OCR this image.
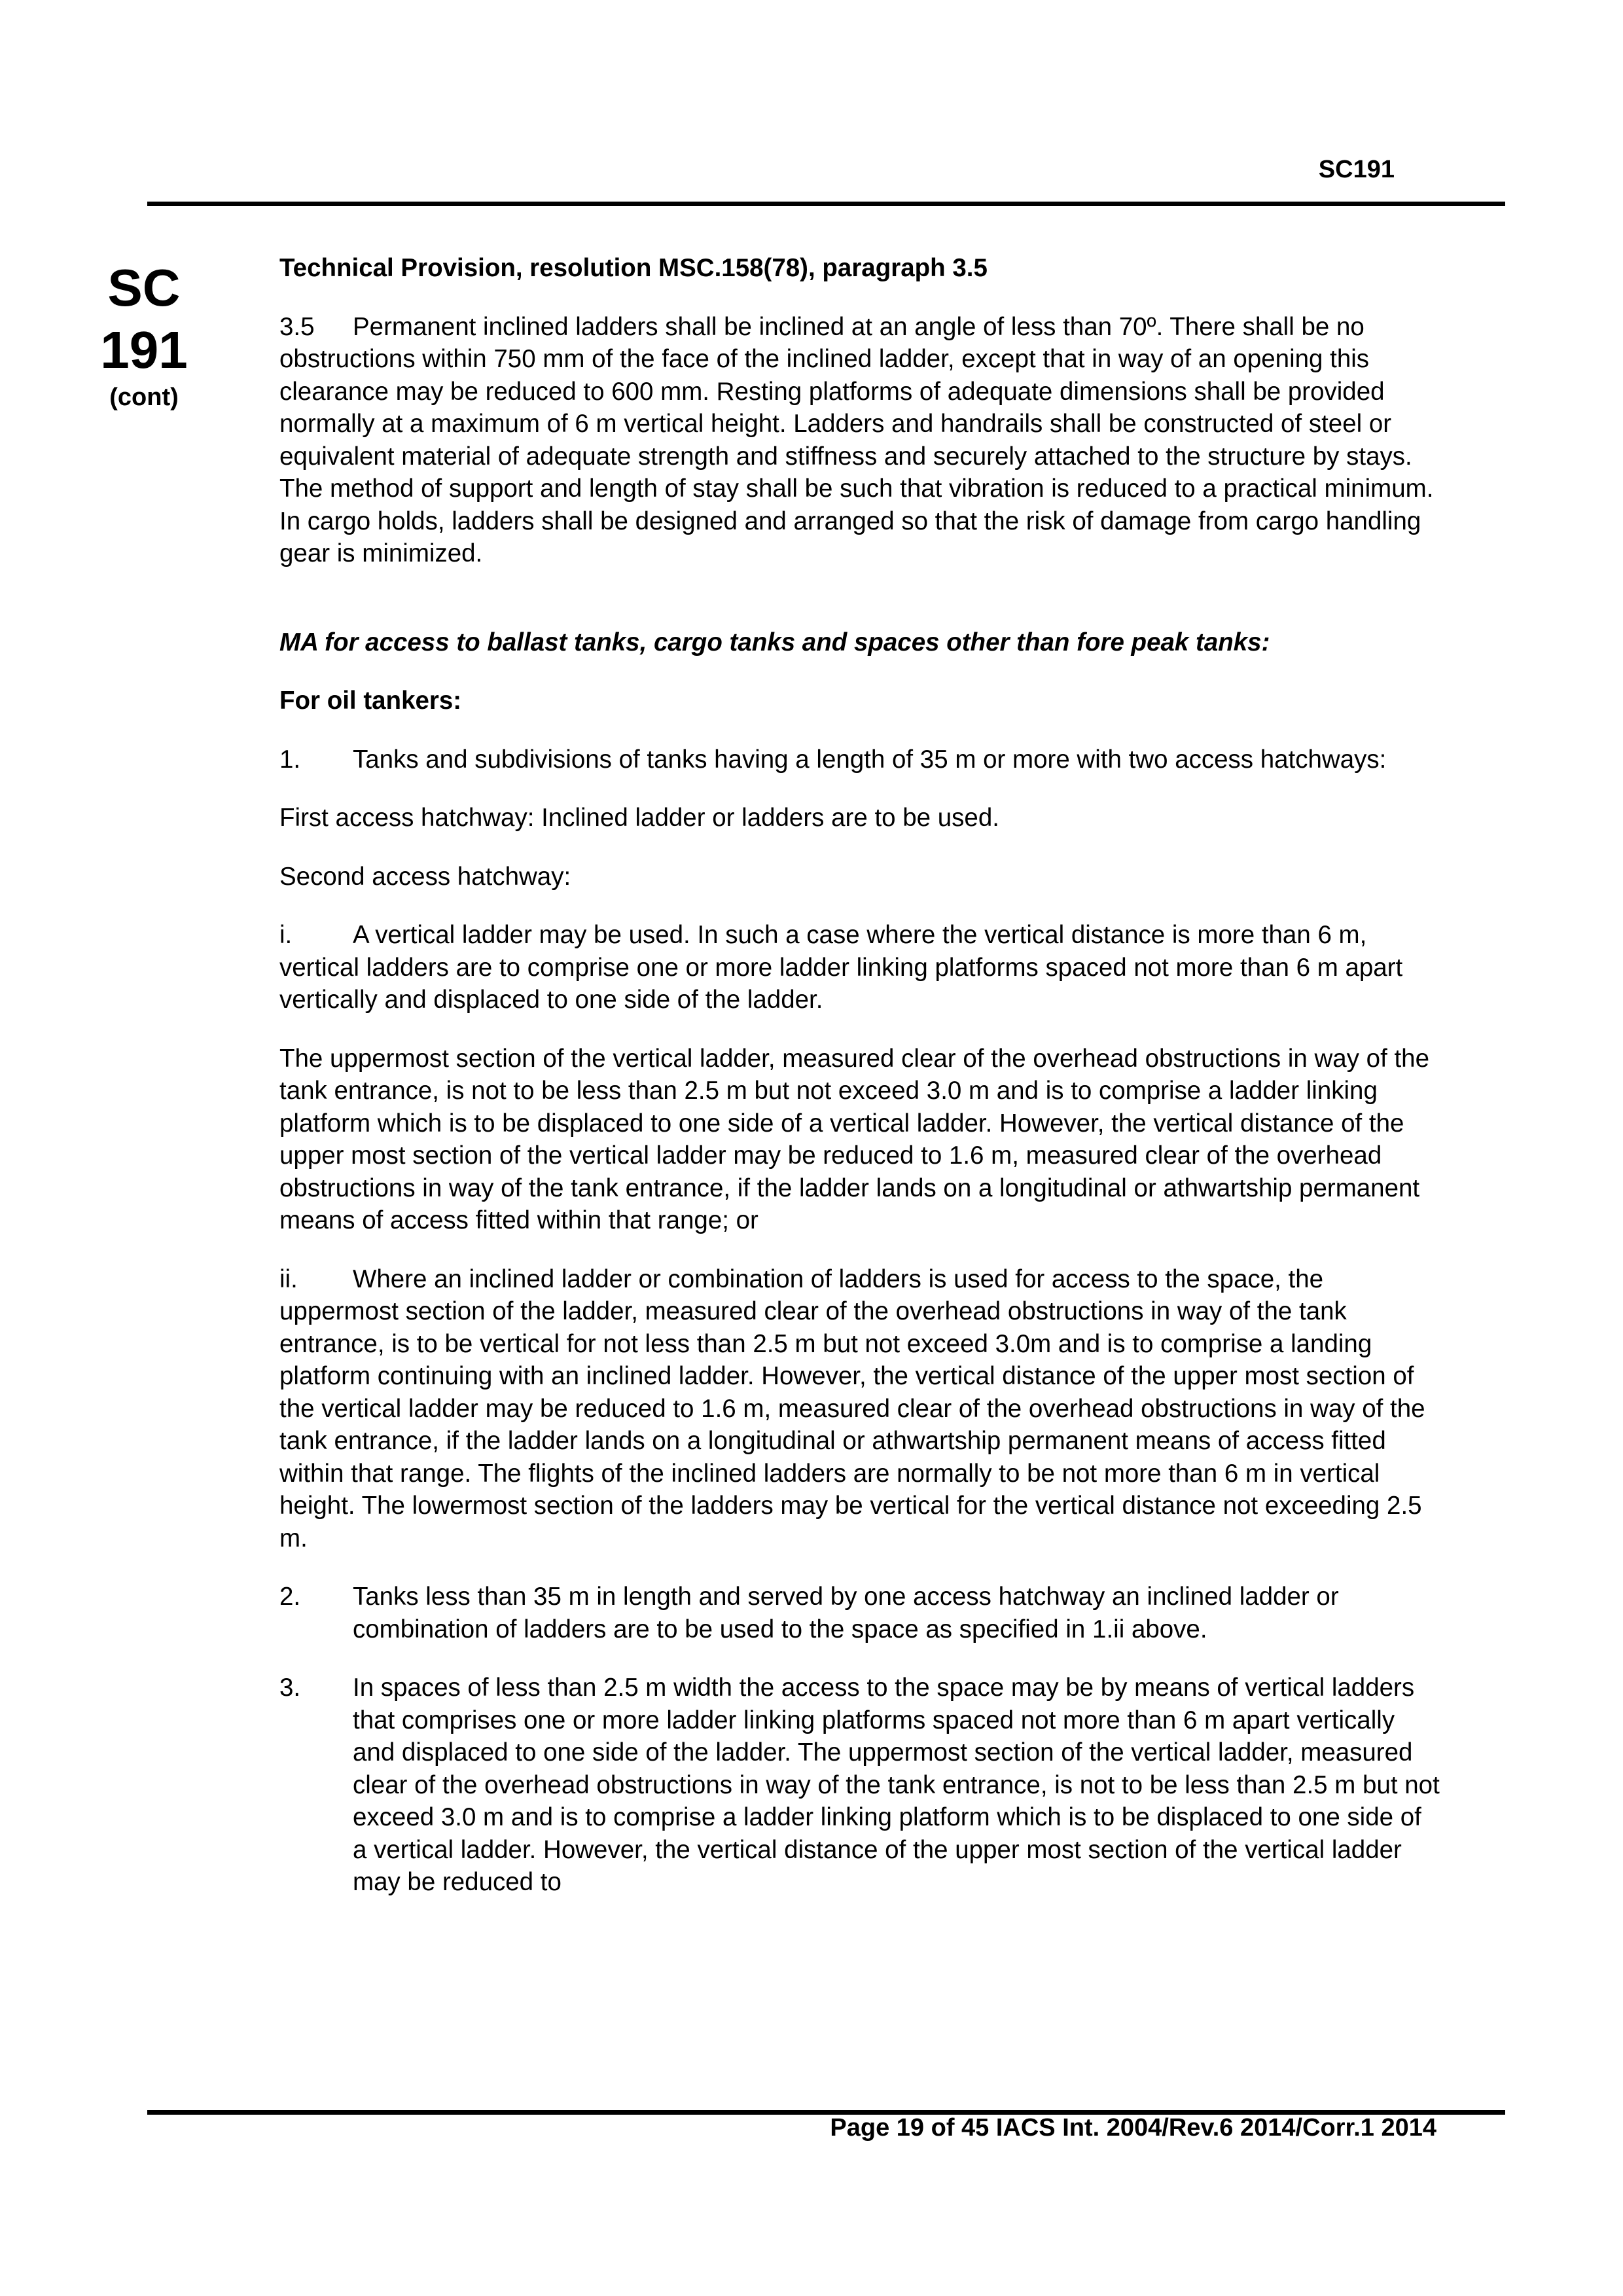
SC191

SC
191
(cont)

Technical Provision, resolution MSC.158(78), paragraph 3.5

3.5 Permanent inclined ladders shall be inclined at an angle of less than 70º. There shall be no obstructions within 750 mm of the face of the inclined ladder, except that in way of an opening this clearance may be reduced to 600 mm. Resting platforms of adequate dimensions shall be provided normally at a maximum of 6 m vertical height. Ladders and handrails shall be constructed of steel or equivalent material of adequate strength and stiffness and securely attached to the structure by stays. The method of support and length of stay shall be such that vibration is reduced to a practical minimum. In cargo holds, ladders shall be designed and arranged so that the risk of damage from cargo handling gear is minimized.

MA for access to ballast tanks, cargo tanks and spaces other than fore peak tanks:

For oil tankers:

1.	Tanks and subdivisions of tanks having a length of 35 m or more with two access hatchways:

First access hatchway: Inclined ladder or ladders are to be used.

Second access hatchway:

i. A vertical ladder may be used. In such a case where the vertical distance is more than 6 m, vertical ladders are to comprise one or more ladder linking platforms spaced not more than 6 m apart vertically and displaced to one side of the ladder.

The uppermost section of the vertical ladder, measured clear of the overhead obstructions in way of the tank entrance, is not to be less than 2.5 m but not exceed 3.0 m and is to comprise a ladder linking platform which is to be displaced to one side of a vertical ladder. However, the vertical distance of the upper most section of the vertical ladder may be reduced to 1.6 m, measured clear of the overhead obstructions in way of the tank entrance, if the ladder lands on a longitudinal or athwartship permanent means of access fitted within that range; or

ii. Where an inclined ladder or combination of ladders is used for access to the space, the uppermost section of the ladder, measured clear of the overhead obstructions in way of the tank entrance, is to be vertical for not less than 2.5 m but not exceed 3.0m and is to comprise a landing platform continuing with an inclined ladder. However, the vertical distance of the upper most section of the vertical ladder may be reduced to 1.6 m, measured clear of the overhead obstructions in way of the tank entrance, if the ladder lands on a longitudinal or athwartship permanent means of access fitted within that range. The flights of the inclined ladders are normally to be not more than 6 m in vertical height. The lowermost section of the ladders may be vertical for the vertical distance not exceeding 2.5 m.

2.	Tanks less than 35 m in length and served by one access hatchway an inclined ladder or combination of ladders are to be used to the space as specified in 1.ii above.
3.	In spaces of less than 2.5 m width the access to the space may be by means of vertical ladders that comprises one or more ladder linking platforms spaced not more than 6 m apart vertically and displaced to one side of the ladder. The uppermost section of the vertical ladder, measured clear of the overhead obstructions in way of the tank entrance, is not to be less than 2.5 m but not exceed 3.0 m and is to comprise a ladder linking platform which is to be displaced to one side of a vertical ladder. However, the vertical distance of the upper most section of the vertical ladder may be reduced to

Page 19 of 45 IACS Int. 2004/Rev.6 2014/Corr.1 2014
